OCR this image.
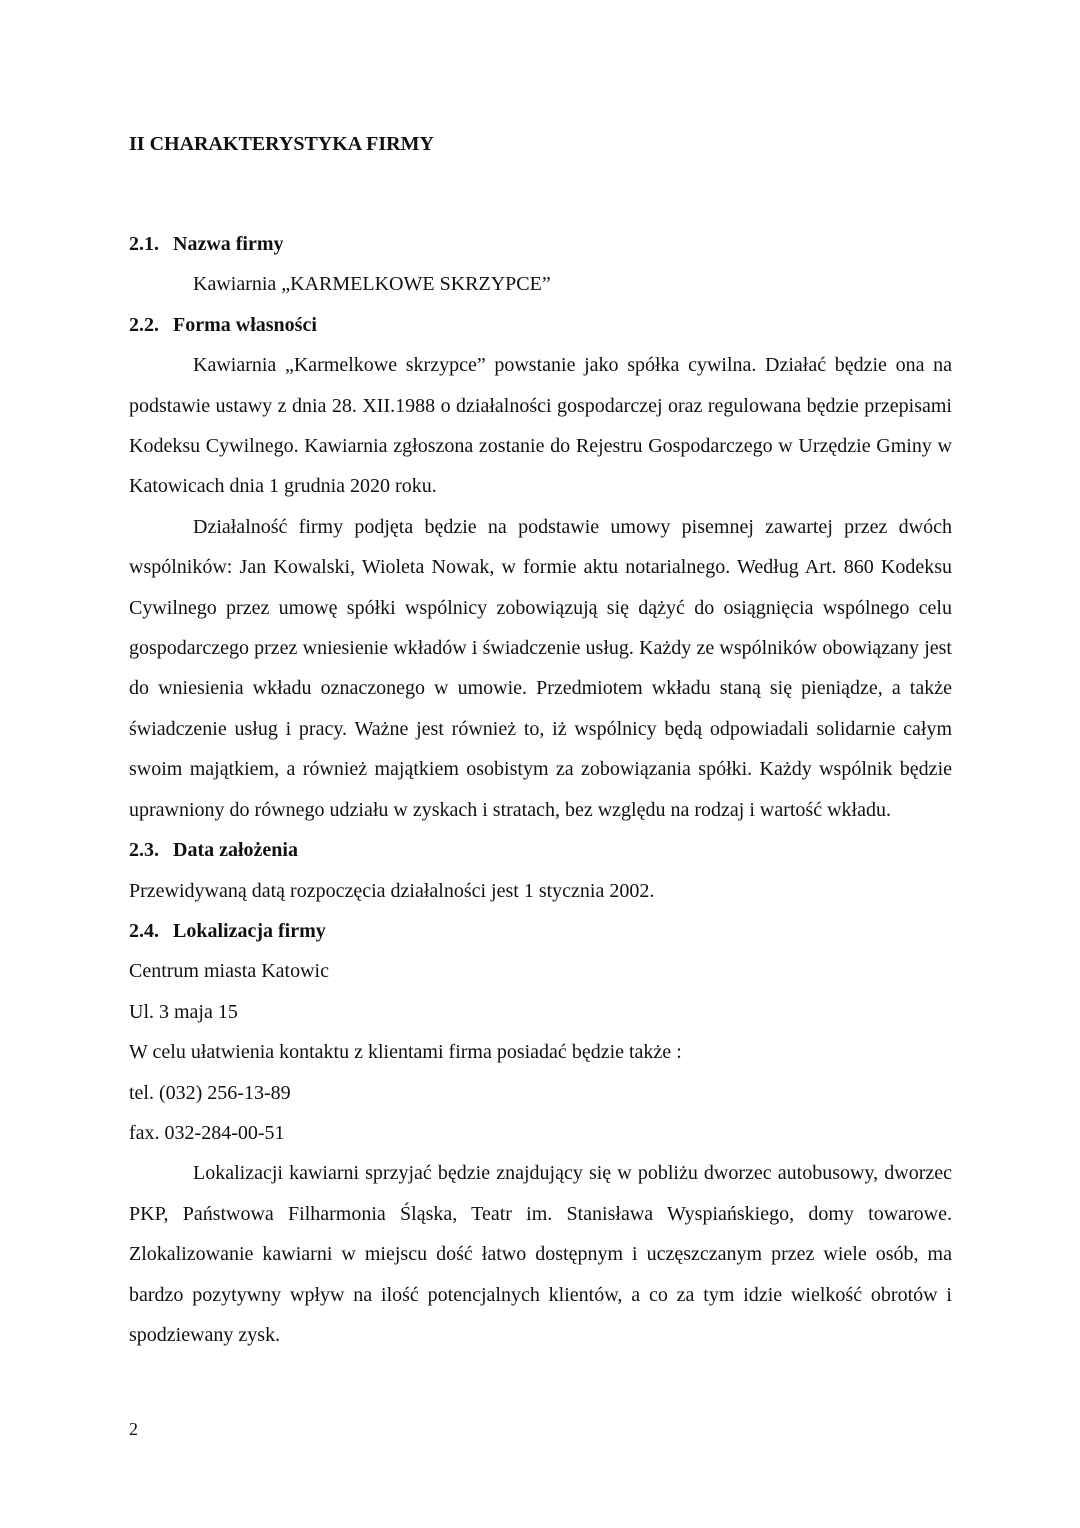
II CHARAKTERYSTYKA FIRMY
2.1. Nazwa firmy

Kawiarnia „KARMELKOWE SKRZYPCE”

2.2. Forma własności

Kawiarnia „Karmelkowe skrzypce” powstanie jako spółka cywilna. Działać będzie ona na podstawie ustawy z dnia 28. XII.1988 o działalności gospodarczej oraz regulowana będzie przepisami Kodeksu Cywilnego. Kawiarnia zgłoszona zostanie do Rejestru Gospodarczego w Urzędzie Gminy w Katowicach dnia 1 grudnia 2020 roku.

Działalność firmy podjęta będzie na podstawie umowy pisemnej zawartej przez dwóch wspólników: Jan Kowalski, Wioleta Nowak, w formie aktu notarialnego. Według Art. 860 Kodeksu Cywilnego przez umowę spółki wspólnicy zobowiązują się dążyć do osiągnięcia wspólnego celu gospodarczego przez wniesienie wkładów i świadczenie usług. Każdy ze wspólników obowiązany jest do wniesienia wkładu oznaczonego w umowie. Przedmiotem wkładu staną się pieniądze, a także świadczenie usług i pracy. Ważne jest również to, iż wspólnicy będą odpowiadali solidarnie całym swoim majątkiem, a również majątkiem osobistym za zobowiązania spółki. Każdy wspólnik będzie uprawniony do równego udziału w zyskach i stratach, bez względu na rodzaj i wartość wkładu.

2.3. Data założenia

Przewidywaną datą rozpoczęcia działalności jest 1 stycznia 2002.

2.4. Lokalizacja firmy

Centrum miasta Katowic

Ul. 3 maja 15

W celu ułatwienia kontaktu z klientami firma posiadać będzie także :

tel. (032) 256-13-89

fax. 032-284-00-51

Lokalizacji kawiarni sprzyjać będzie znajdujący się w pobliżu dworzec autobusowy, dworzec PKP, Państwowa Filharmonia Śląska, Teatr im. Stanisława Wyspiańskiego, domy towarowe. Zlokalizowanie kawiarni w miejscu dość łatwo dostępnym i uczęszczanym przez wiele osób, ma bardzo pozytywny wpływ na ilość potencjalnych klientów, a co za tym idzie wielkość obrotów i spodziewany zysk.

2
